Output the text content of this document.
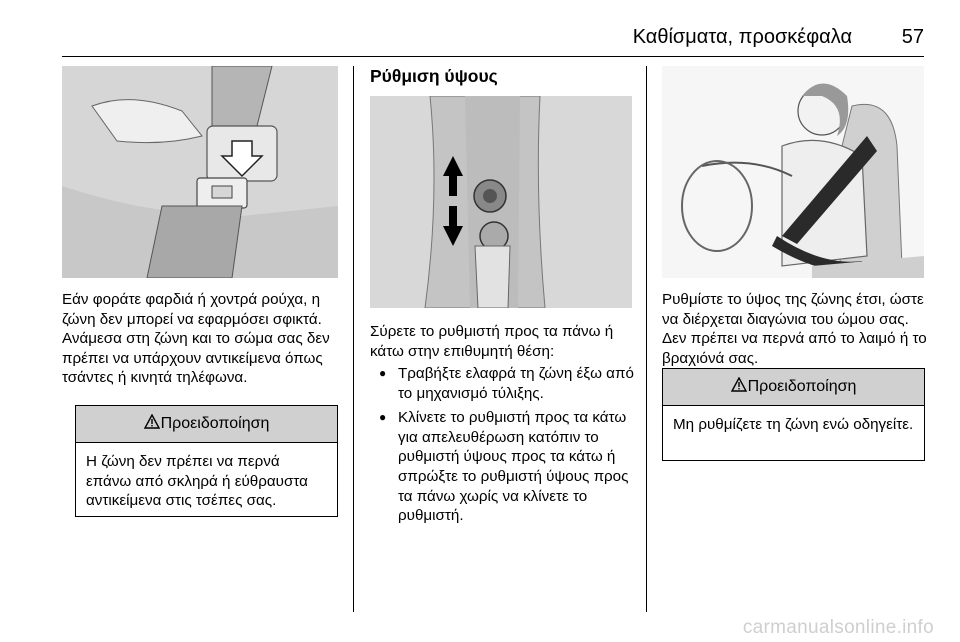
Καθίσματα, προσκέφαλα 57

Εάν φοράτε φαρδιά ή χοντρά ρούχα, η ζώνη δεν μπορεί να εφαρμόσει σφικτά. Ανάμεσα στη ζώνη και το σώμα σας δεν πρέπει να υπάρχουν αντικείμενα όπως τσάντες ή κινητά τηλέφωνα.

Προειδοποίηση
Η ζώνη δεν πρέπει να περνά επάνω από σκληρά ή εύθραυστα αντικείμενα στις τσέπες σας.
Ρύθμιση ύψους

Σύρετε το ρυθμιστή προς τα πάνω ή κάτω στην επιθυμητή θέση:

● Τραβήξτε ελαφρά τη ζώνη έξω από το μηχανισμό τύλιξης.
● Κλίνετε το ρυθμιστή προς τα κάτω για απελευθέρωση κατόπιν το ρυθμιστή ύψους προς τα κάτω ή σπρώξτε το ρυθμιστή ύψους προς τα πάνω χωρίς να κλίνετε το ρυθμιστή.

Ρυθμίστε το ύψος της ζώνης έτσι, ώστε να διέρχεται διαγώνια του ώμου σας. Δεν πρέπει να περνά από το λαιμό ή το βραχιόνά σας.

Προειδοποίηση
Μη ρυθμίζετε τη ζώνη ενώ οδηγείτε.
carmanualsonline.info
